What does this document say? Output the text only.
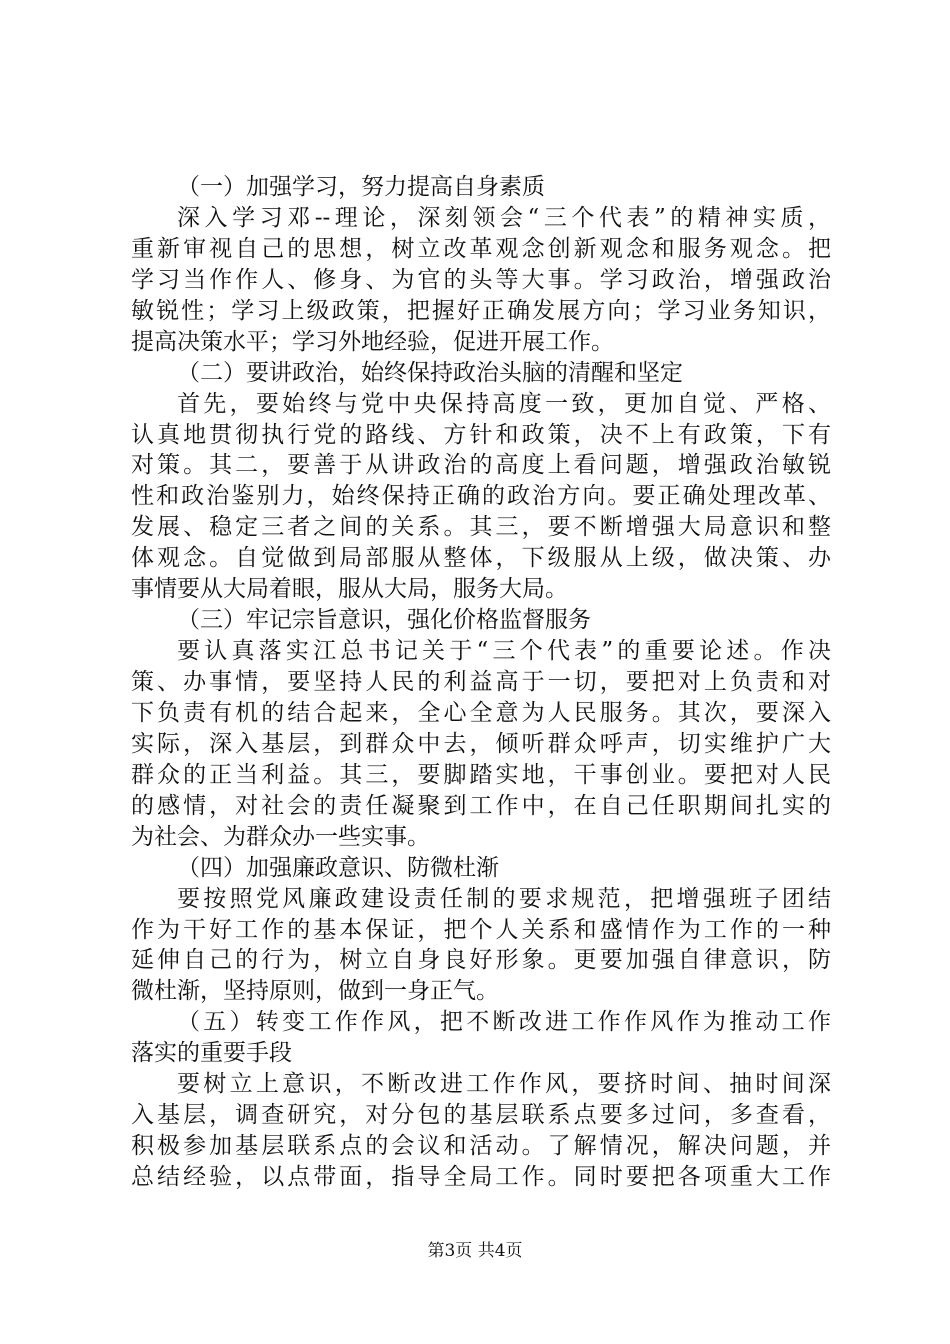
（一）加强学习，努力提高自身素质
深入学习邓--理论，深刻领会“三个代表”的精神实质，
重新审视自己的思想，树立改革观念创新观念和服务观念。把
学习当作作人、修身、为官的头等大事。学习政治，增强政治
敏锐性；学习上级政策，把握好正确发展方向；学习业务知识，
提高决策水平；学习外地经验，促进开展工作。
（二）要讲政治，始终保持政治头脑的清醒和坚定
首先，要始终与党中央保持高度一致，更加自觉、严格、
认真地贯彻执行党的路线、方针和政策，决不上有政策，下有
对策。其二，要善于从讲政治的高度上看问题，增强政治敏锐
性和政治鉴别力，始终保持正确的政治方向。要正确处理改革、
发展、稳定三者之间的关系。其三，要不断增强大局意识和整
体观念。自觉做到局部服从整体，下级服从上级，做决策、办
事情要从大局着眼，服从大局，服务大局。
（三）牢记宗旨意识，强化价格监督服务
要认真落实江总书记关于“三个代表”的重要论述。作决
策、办事情，要坚持人民的利益高于一切，要把对上负责和对
下负责有机的结合起来，全心全意为人民服务。其次，要深入
实际，深入基层，到群众中去，倾听群众呼声，切实维护广大
群众的正当利益。其三，要脚踏实地，干事创业。要把对人民
的感情，对社会的责任凝聚到工作中，在自己任职期间扎实的
为社会、为群众办一些实事。
（四）加强廉政意识、防微杜渐
要按照党风廉政建设责任制的要求规范，把增强班子团结
作为干好工作的基本保证，把个人关系和盛情作为工作的一种
延伸自己的行为，树立自身良好形象。更要加强自律意识，防
微杜渐，坚持原则，做到一身正气。
（五）转变工作作风，把不断改进工作作风作为推动工作
落实的重要手段
要树立上意识，不断改进工作作风，要挤时间、抽时间深
入基层，调查研究，对分包的基层联系点要多过问，多查看，
积极参加基层联系点的会议和活动。了解情况，解决问题，并
总结经验，以点带面，指导全局工作。同时要把各项重大工作
第3页 共4页
